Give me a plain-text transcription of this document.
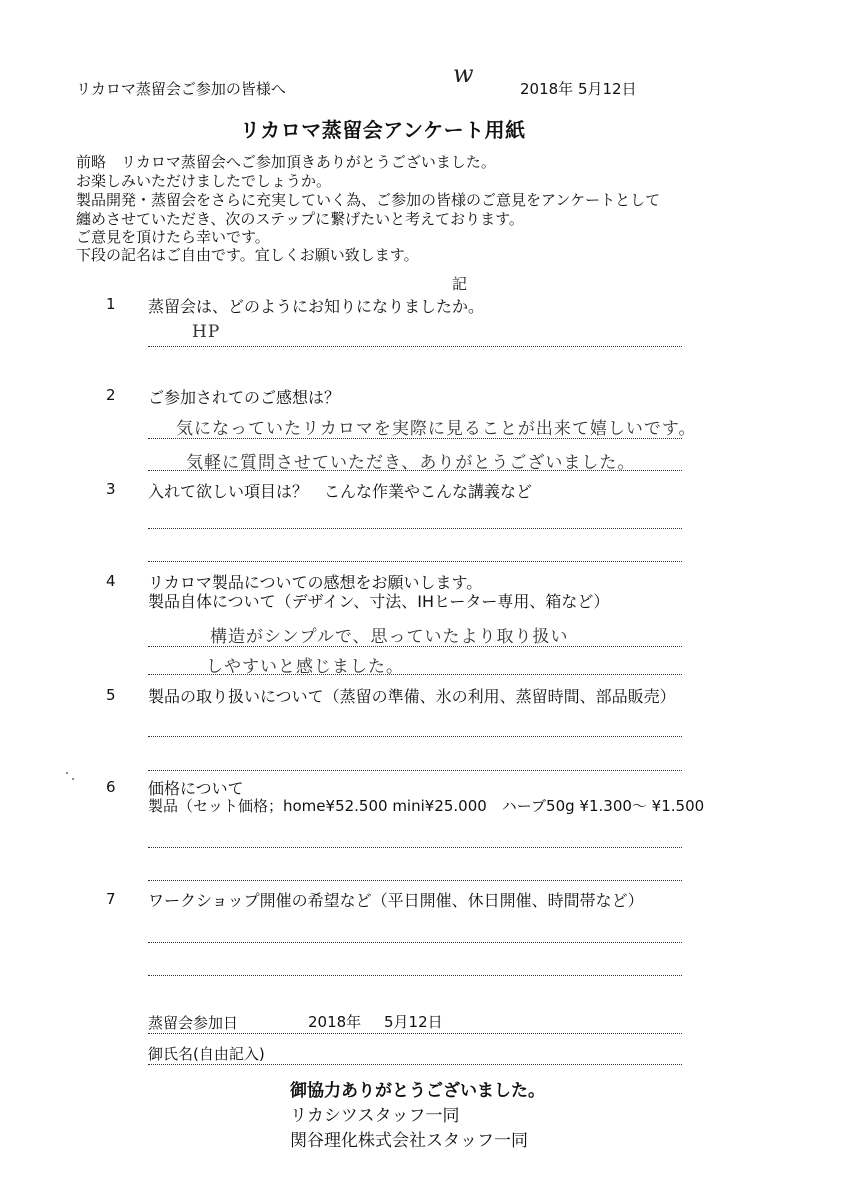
リカロマ蒸留会ご参加の皆様へ
w
2018年 5月12日
リカロマ蒸留会アンケート用紙
前略　リカロマ蒸留会へご参加頂きありがとうございました。
お楽しみいただけましたでしょうか。
製品開発・蒸留会をさらに充実していく為、ご参加の皆様のご意見をアンケートとして
纏めさせていただき、次のステップに繋げたいと考えております。
ご意見を頂けたら幸いです。
下段の記名はご自由です。宜しくお願い致します。
記
1 蒸留会は、どのようにお知りになりましたか。
HP
2 ご参加されてのご感想は？
気になっていたリカロマを実際に見ることが出来て嬉しいです。
気軽に質問させていただき、ありがとうございました。
3 入れて欲しい項目は？　こんな作業やこんな講義など
4 リカロマ製品についての感想をお願いします。
製品自体について（デザイン、寸法、IHヒーター専用、箱など）
構造がシンプルで、思っていたより取り扱い
しやすいと感じました。
5 製品の取り扱いについて（蒸留の準備、氷の利用、蒸留時間、部品販売）
6 価格について
製品（セット価格；home¥52.500 mini¥25.000　ハーブ50g ¥1.300～ ¥1.500
7 ワークショップ開催の希望など（平日開催、休日開催、時間帯など）
蒸留会参加日	2018年 5月12日
御氏名(自由記入)
御協力ありがとうございました。
リカシツスタッフ一同
関谷理化株式会社スタッフ一同
